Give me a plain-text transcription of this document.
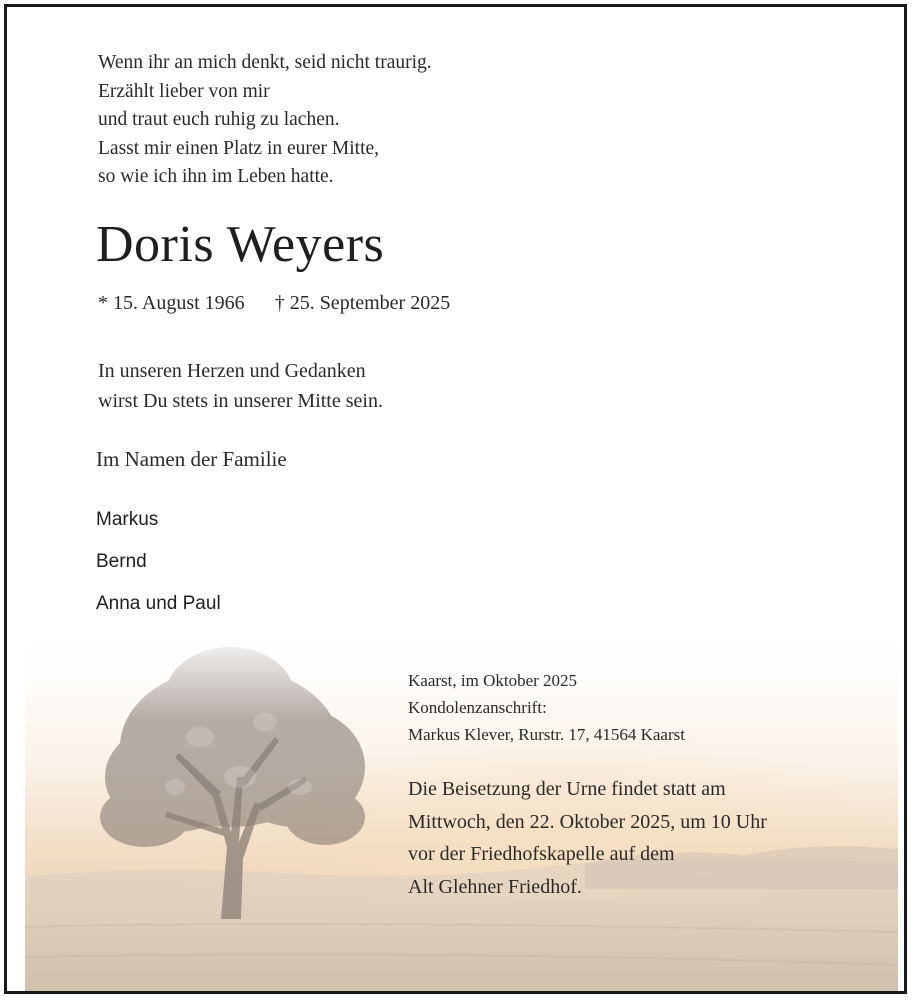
Wenn ihr an mich denkt, seid nicht traurig.
Erzählt lieber von mir
und traut euch ruhig zu lachen.
Lasst mir einen Platz in eurer Mitte,
so wie ich ihn im Leben hatte.
Doris Weyers
* 15. August 1966 † 25. September 2025
In unseren Herzen und Gedanken
wirst Du stets in unserer Mitte sein.
Im Namen der Familie
Markus
Bernd
Anna und Paul
Kaarst, im Oktober 2025
Kondolenzanschrift:
Markus Klever, Rurstr. 17, 41564 Kaarst
Die Beisetzung der Urne findet statt am
Mittwoch, den 22. Oktober 2025, um 10 Uhr
vor der Friedhofskapelle auf dem
Alt Glehner Friedhof.
